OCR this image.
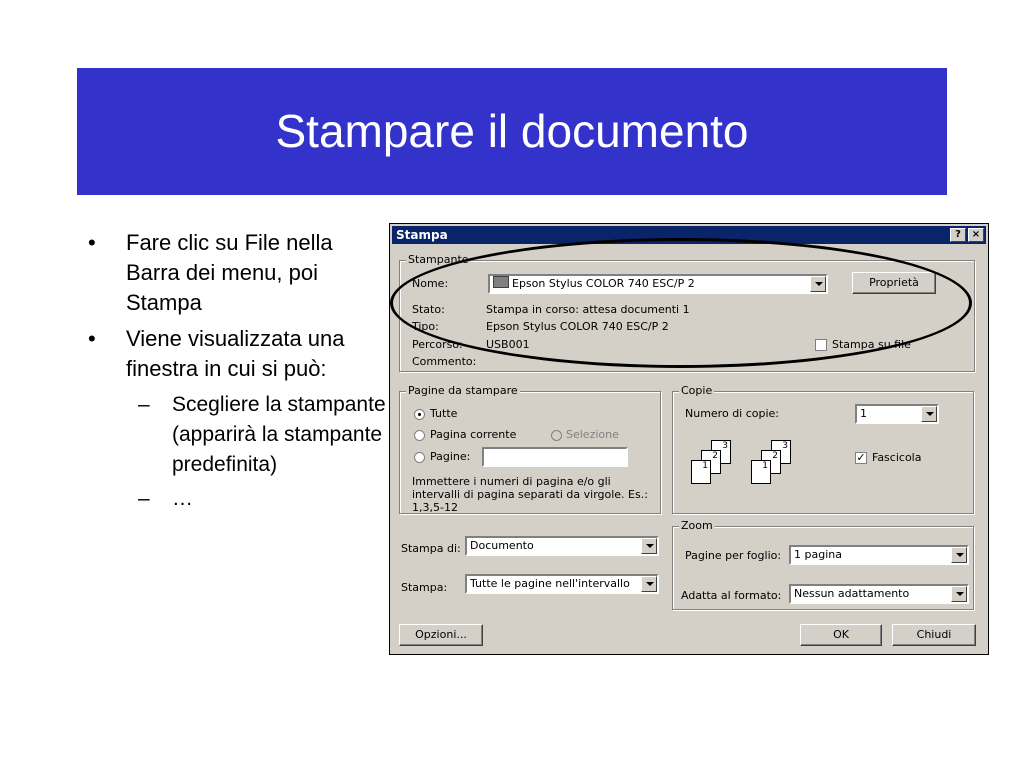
Stampare il documento
• Fare clic su File nella Barra dei menu, poi Stampa
• Viene visualizzata una finestra in cui si può:
– Scegliere la stampante (apparirà la stampante predefinita)
– …
Stampa	?	×
Stampante
Nome:	Epson Stylus COLOR 740 ESC/P 2	Proprietà
Stato:	Stampa in corso: attesa documenti 1
Tipo:	Epson Stylus COLOR 740 ESC/P 2
Percorso: USB001
Commento:
Stampa su file
Pagine da stampare
Tutte
Pagina corrente	Selezione
Pagine:
Immettere i numeri di pagina e/o gli intervalli di pagina separati da virgole. Es.: 1,3,5-12
Copie
Numero di copie:	1
3
2
1
3
2
1
✓ Fascicola
Stampa di: Documento
Stampa:	Tutte le pagine nell'intervallo
Zoom
Pagine per foglio:	1 pagina
Adatta al formato:	Nessun adattamento
Opzioni...	OK	Chiudi
